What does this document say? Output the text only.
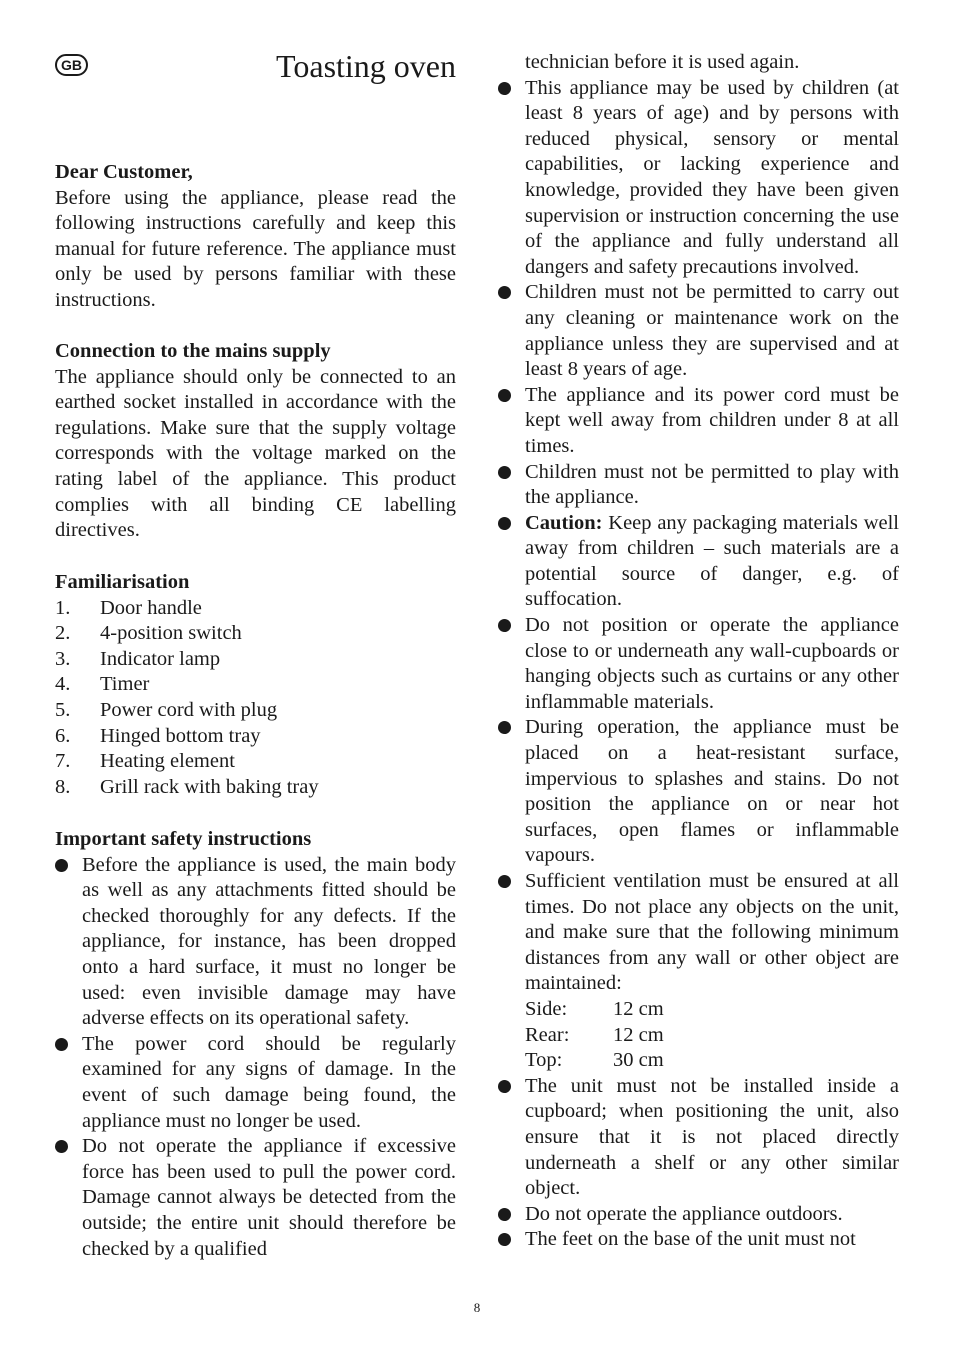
GB	Toasting oven
Dear Customer,

Before using the appliance, please read the following instructions carefully and keep this manual for future reference. The appliance must only be used by persons familiar with these instructions.

Connection to the mains supply

The appliance should only be connected to an earthed socket installed in accordance with the regulations. Make sure that the supply voltage corresponds with the voltage marked on the rating label of the appliance. This product complies with all binding CE labelling directives.

Familiarisation
1.	Door handle
2.	4-position switch
3.	Indicator lamp
4.	Timer
5.	Power cord with plug
6.	Hinged bottom tray
7.	Heating element
8.	Grill rack with baking tray
Important safety instructions
Before the appliance is used, the main body as well as any attachments fitted should be checked thoroughly for any defects. If the appliance, for instance, has been dropped onto a hard surface, it must no longer be used: even invisible damage may have adverse effects on its operational safety.
The power cord should be regularly examined for any signs of damage. In the event of such damage being found, the appliance must no longer be used.
Do not operate the appliance if excessive force has been used to pull the power cord. Damage cannot always be detected from the outside; the entire unit should therefore be checked by a qualified
technician before it is used again.
This appliance may be used by children (at least 8 years of age) and by persons with reduced physical, sensory or mental capabilities, or lacking experience and knowledge, provided they have been given supervision or instruction concerning the use of the appliance and fully understand all dangers and safety precautions involved.
Children must not be permitted to carry out any cleaning or maintenance work on the appliance unless they are supervised and at least 8 years of age.
The appliance and its power cord must be kept well away from children under 8 at all times.
Children must not be permitted to play with the appliance.
Caution: Keep any packaging materials well away from children – such materials are a potential source of danger, e.g. of suffocation.
Do not position or operate the appliance close to or underneath any wall-cupboards or hanging objects such as curtains or any other inflammable materials.
During operation, the appliance must be placed on a heat-resistant surface, impervious to splashes and stains. Do not position the appliance on or near hot surfaces, open flames or inflammable vapours.
Sufficient ventilation must be ensured at all times. Do not place any objects on the unit, and make sure that the following minimum distances from any wall or other object are maintained:
Side:	12 cm
Rear:	12 cm
Top:	30 cm
The unit must not be installed inside a cupboard; when positioning the unit, also ensure that it is not placed directly underneath a shelf or any other similar object.
Do not operate the appliance outdoors.
The feet on the base of the unit must not
8
